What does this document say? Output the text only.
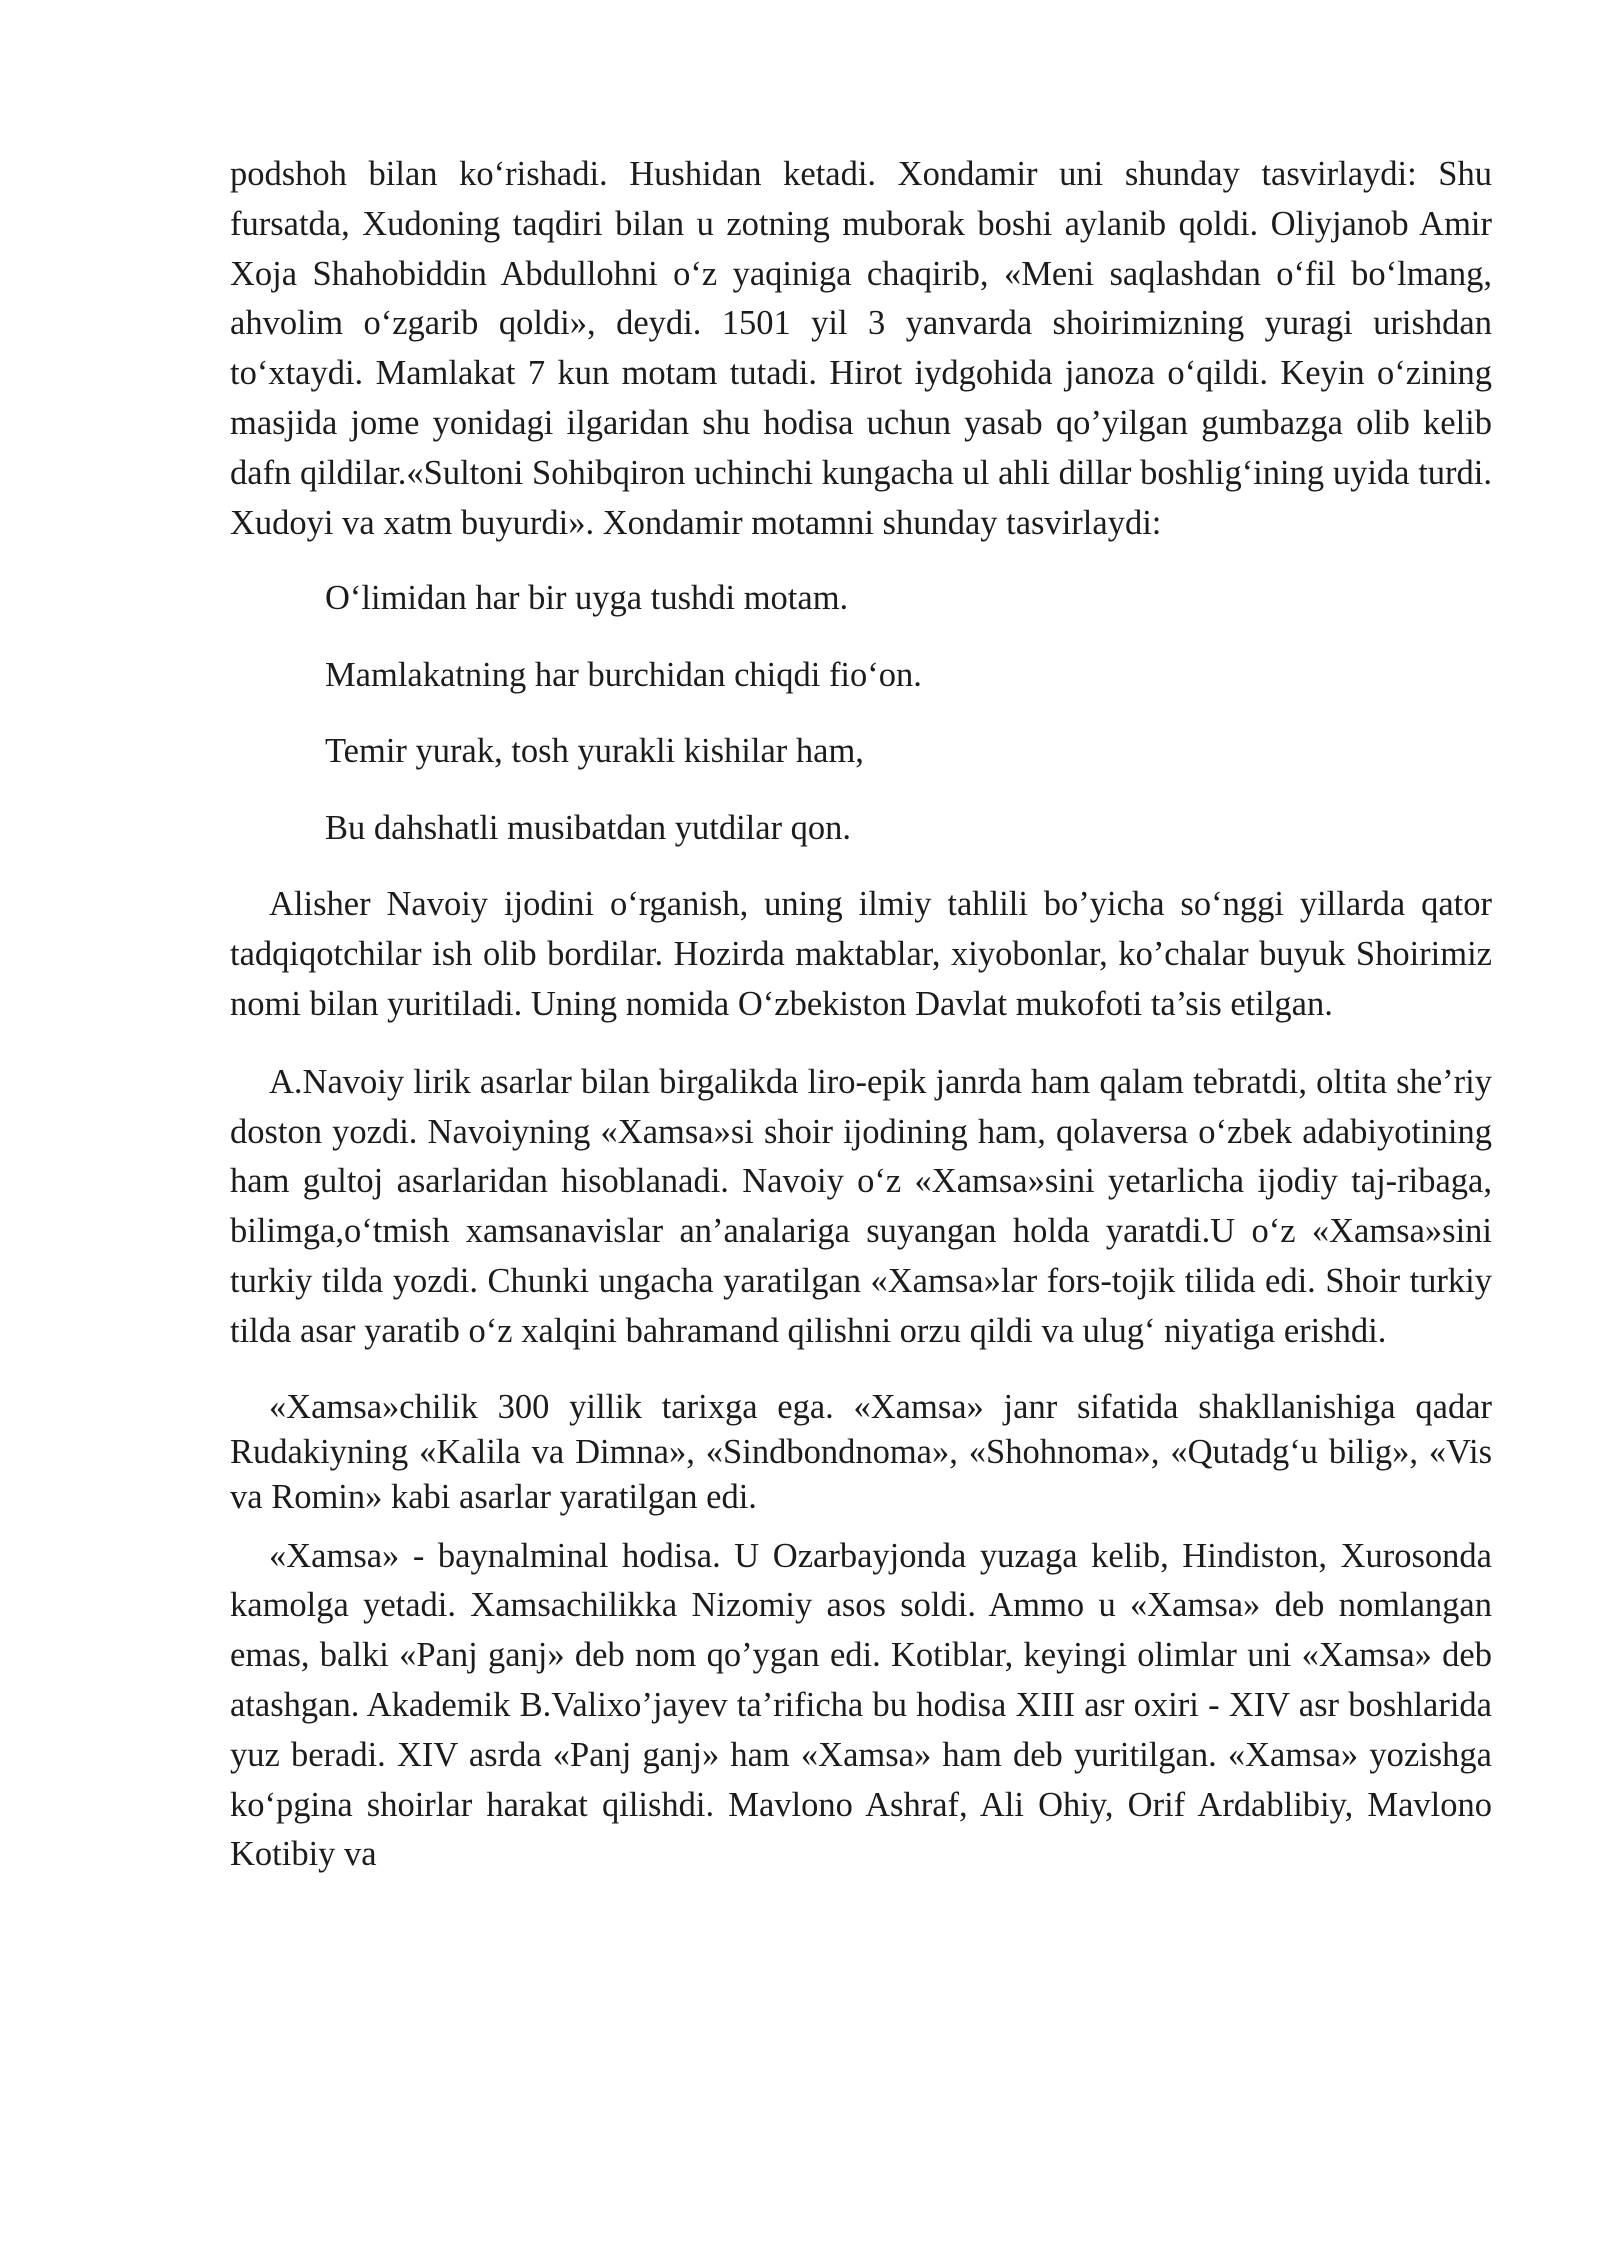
podshoh bilan ko‘rishadi. Hushidan ketadi. Xondamir uni shunday tasvirlaydi: Shu fursatda, Xudoning taqdiri bilan u zotning muborak boshi aylanib qoldi. Oliyjanob Amir Xoja Shahobiddin Abdullohni o‘z yaqiniga chaqirib, «Meni saqlashdan o‘fil bo‘lmang, ahvolim o‘zgarib qoldi», deydi. 1501 yil 3 yanvarda shoirimizning yuragi urishdan to‘xtaydi. Mamlakat 7 kun motam tutadi. Hirot iydgohida janoza o‘qildi. Keyin o‘zining masjida jome yonidagi ilgaridan shu hodisa uchun yasab qo’yilgan gumbazga olib kelib dafn qildilar.«Sultoni Sohibqiron uchinchi kungacha ul ahli dillar boshlig‘ining uyida turdi. Xudoyi va xatm buyurdi». Xondamir motamni shunday tasvirlaydi:

O‘limidan har bir uyga tushdi motam.

Mamlakatning har burchidan chiqdi fio‘on.

Temir yurak, tosh yurakli kishilar ham,

Bu dahshatli musibatdan yutdilar qon.

Alisher Navoiy ijodini o‘rganish, uning ilmiy tahlili bo’yicha so‘nggi yillarda qator tadqiqotchilar ish olib bordilar. Hozirda maktablar, xiyobonlar, ko’chalar buyuk Shoirimiz nomi bilan yuritiladi. Uning nomida O‘zbekiston Davlat mukofoti ta’sis etilgan.

A.Navoiy lirik asarlar bilan birgalikda liro-epik janrda ham qalam tebratdi, oltita she’riy doston yozdi. Navoiyning «Xamsa»si shoir ijodining ham, qolaversa o‘zbek adabiyotining ham gultoj asarlaridan hisoblanadi. Navoiy o‘z «Xamsa»sini yetarlicha ijodiy taj-ribaga, bilimga,o‘tmish xamsanavislar an’analariga suyangan holda yaratdi.U o‘z «Xamsa»sini turkiy tilda yozdi. Chunki ungacha yaratilgan «Xamsa»lar fors-tojik tilida edi. Shoir turkiy tilda asar yaratib o‘z xalqini bahramand qilishni orzu qildi va ulug‘ niyatiga erishdi.

«Xamsa»chilik 300 yillik tarixga ega. «Xamsa» janr sifatida shakllanishiga qadar Rudakiyning «Kalila va Dimna», «Sindbondnoma», «Shohnoma», «Qutadg‘u bilig», «Vis va Romin» kabi asarlar yaratilgan edi.

«Xamsa» - baynalminal hodisa. U Ozarbayjonda yuzaga kelib, Hindiston, Xurosonda kamolga yetadi. Xamsachilikka Nizomiy asos soldi. Ammo u «Xamsa» deb nomlangan emas, balki «Panj ganj» deb nom qo’ygan edi. Kotiblar, keyingi olimlar uni «Xamsa» deb atashgan. Akademik B.Valixo’jayev ta’rificha bu hodisa XIII asr oxiri - XIV asr boshlarida yuz beradi. XIV asrda «Panj ganj» ham «Xamsa» ham deb yuritilgan. «Xamsa» yozishga ko‘pgina shoirlar harakat qilishdi. Mavlono Ashraf, Ali Ohiy, Orif Ardablibiy, Mavlono Kotibiy va
